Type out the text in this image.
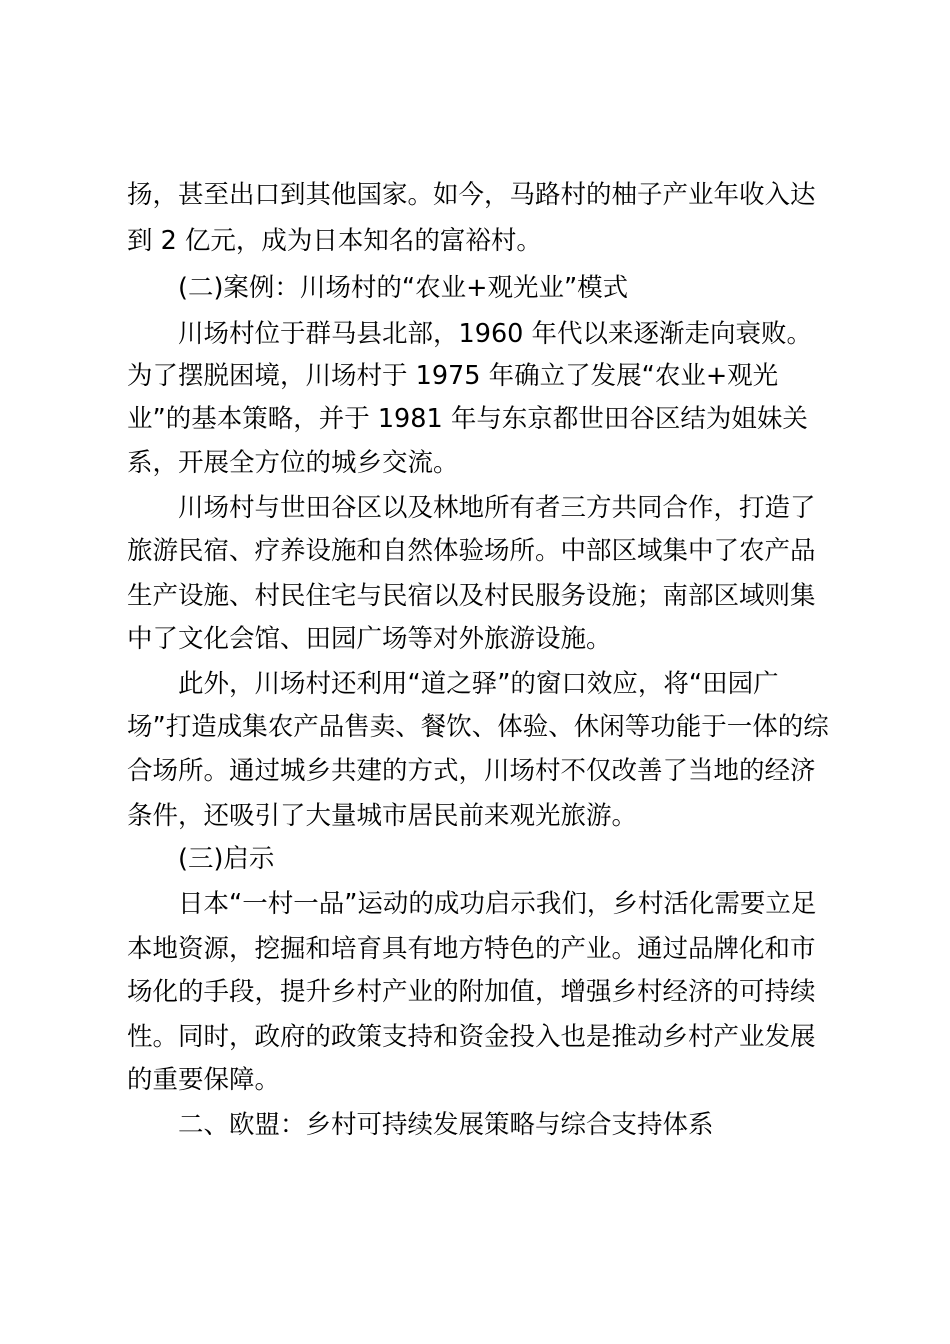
扬，甚至出口到其他国家。如今，马路村的柚子产业年收入达
到 2 亿元，成为日本知名的富裕村。
(二)案例：川场村的“农业+观光业”模式
川场村位于群马县北部，1960 年代以来逐渐走向衰败。
为了摆脱困境，川场村于 1975 年确立了发展“农业+观光
业”的基本策略，并于 1981 年与东京都世田谷区结为姐妹关
系，开展全方位的城乡交流。
川场村与世田谷区以及林地所有者三方共同合作，打造了
旅游民宿、疗养设施和自然体验场所。中部区域集中了农产品
生产设施、村民住宅与民宿以及村民服务设施；南部区域则集
中了文化会馆、田园广场等对外旅游设施。
此外，川场村还利用“道之驿”的窗口效应，将“田园广
场”打造成集农产品售卖、餐饮、体验、休闲等功能于一体的综
合场所。通过城乡共建的方式，川场村不仅改善了当地的经济
条件，还吸引了大量城市居民前来观光旅游。
(三)启示
日本“一村一品”运动的成功启示我们，乡村活化需要立足
本地资源，挖掘和培育具有地方特色的产业。通过品牌化和市
场化的手段，提升乡村产业的附加值，增强乡村经济的可持续
性。同时，政府的政策支持和资金投入也是推动乡村产业发展
的重要保障。
二、欧盟：乡村可持续发展策略与综合支持体系
